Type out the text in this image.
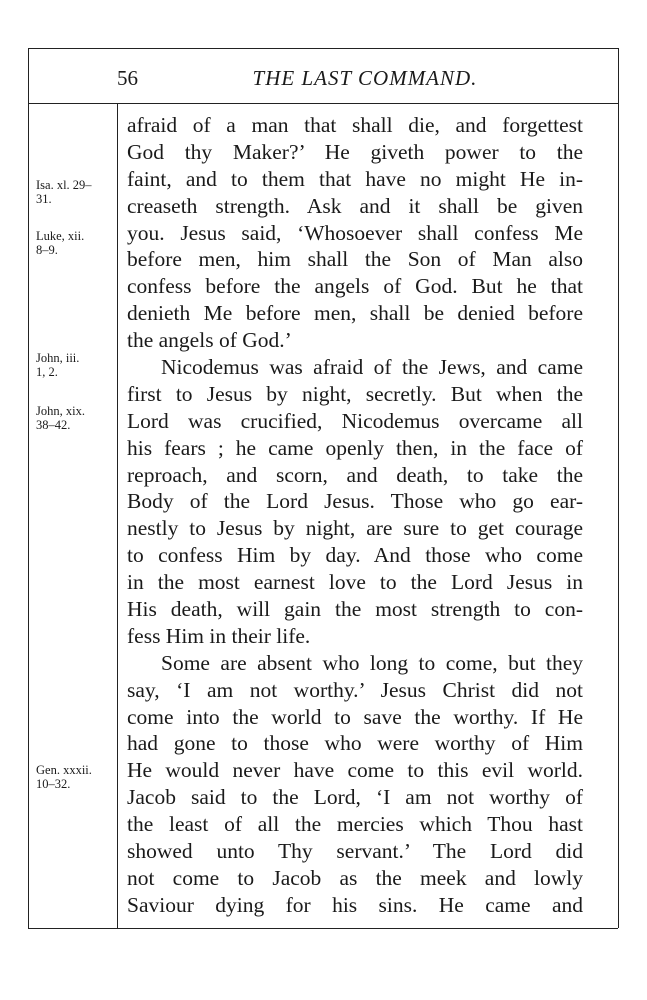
56	THE LAST COMMAND.
Isa. xl. 29–
31.
Luke, xii.
8–9.
John, iii.
1, 2.
John, xix.
38–42.
Gen. xxxii.
10–32.
afraid of a man that shall die, and forgettest
God thy Maker?’ He giveth power to the
faint, and to them that have no might He in-
creaseth strength. Ask and it shall be given
you. Jesus said, ‘Whosoever shall confess Me
before men, him shall the Son of Man also
confess before the angels of God. But he that
denieth Me before men, shall be denied before
the angels of God.’
Nicodemus was afraid of the Jews, and came
first to Jesus by night, secretly. But when the
Lord was crucified, Nicodemus overcame all
his fears ; he came openly then, in the face of
reproach, and scorn, and death, to take the
Body of the Lord Jesus. Those who go ear-
nestly to Jesus by night, are sure to get courage
to confess Him by day. And those who come
in the most earnest love to the Lord Jesus in
His death, will gain the most strength to con-
fess Him in their life.
Some are absent who long to come, but they
say, ‘I am not worthy.’ Jesus Christ did not
come into the world to save the worthy. If He
had gone to those who were worthy of Him
He would never have come to this evil world.
Jacob said to the Lord, ‘I am not worthy of
the least of all the mercies which Thou hast
showed unto Thy servant.’ The Lord did
not come to Jacob as the meek and lowly
Saviour dying for his sins. He came and
